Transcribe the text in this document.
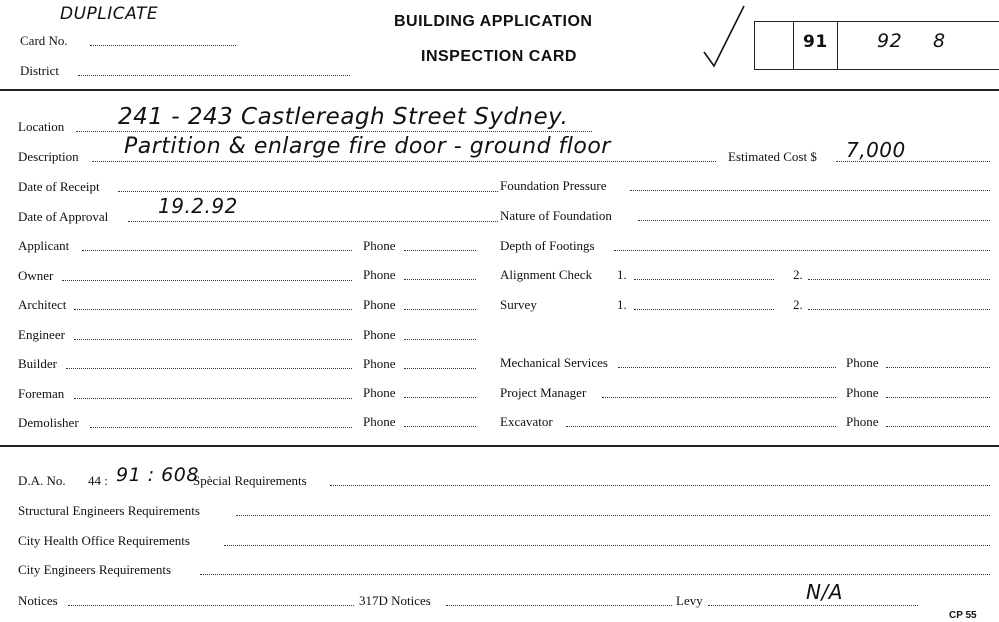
DUPLICATE
Card No.
District
BUILDING APPLICATION
INSPECTION CARD
91	92 8
Location 241 - 243 Castlereagh Street Sydney.
Description Partition & enlarge fire door - ground floor	Estimated Cost $ 7,000
Date of Receipt	Foundation Pressure
Date of Approval 19.2.92	Nature of Foundation
Applicant	Phone	Depth of Footings
Owner	Phone	Alignment Check 1.	2.
Architect	Phone	Survey	1.	2.
Engineer	Phone
Builder	Phone	Mechanical Services	Phone
Foreman	Phone	Project Manager	Phone
Demolisher	Phone	Excavator	Phone
D.A. No. 44 : 91 : 608
Spècial Requirements
Structural Engineers Requirements
City Health Office Requirements
City Engineers Requirements
Notices	317D Notices	Levy	N/A
CP 55
